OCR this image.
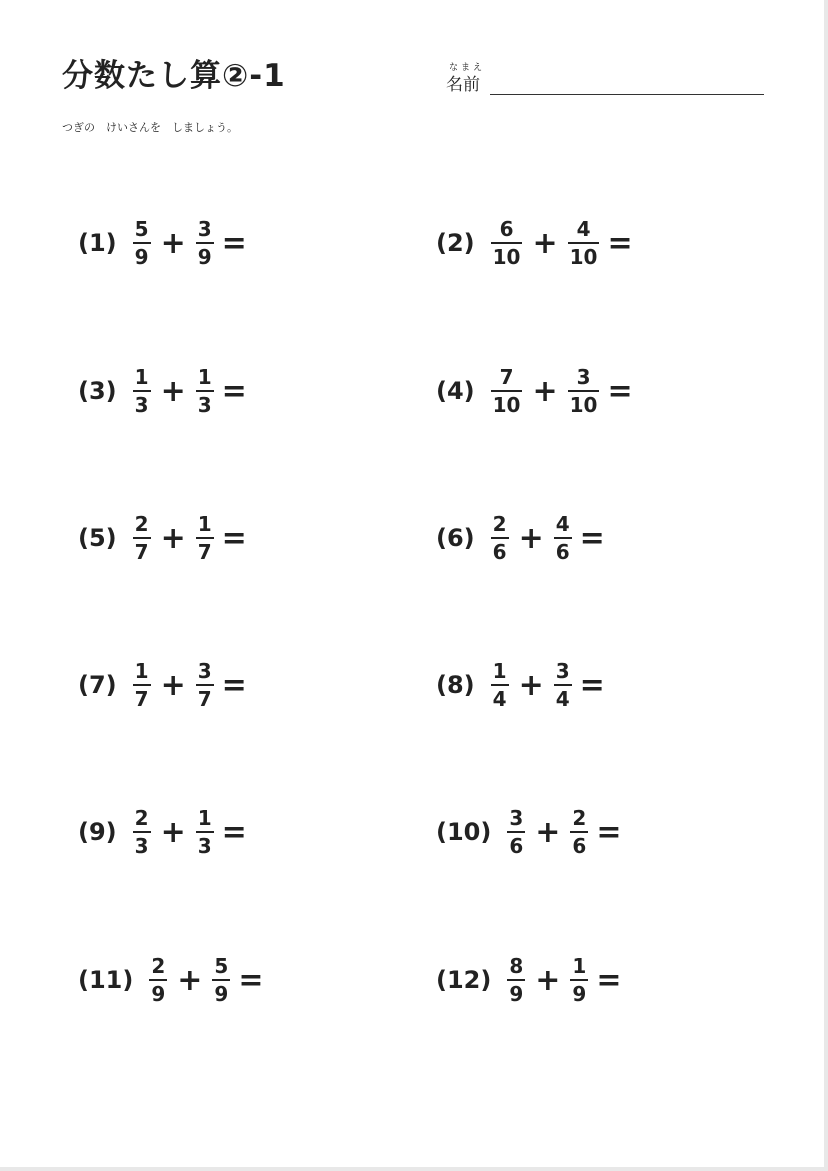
分数たし算②-1	なまえ
名前
つぎの　けいさんを　しましょう。
$(1) \frac{5}{9} + \frac{3}{9}$ =	$(2) \frac{6}{10} + \frac{4}{10}$ =
$(3) \frac{1}{3} + \frac{1}{3}$ =	$(4) \frac{7}{10} + \frac{3}{10}$ =
$(5) \frac{2}{7} + \frac{1}{7}$ =	$(6) \frac{2}{6} + \frac{4}{6}$ =
$(7) \frac{1}{7} + \frac{3}{7}$ =	$(8) \frac{1}{4} + \frac{3}{4}$ =
$(9) \frac{2}{3} + \frac{1}{3}$ =	$(10) \frac{3}{6} + \frac{2}{6}$ =
$(11) \frac{2}{9} + \frac{5}{9}$ =	$(12) \frac{8}{9} + \frac{1}{9}$ =
